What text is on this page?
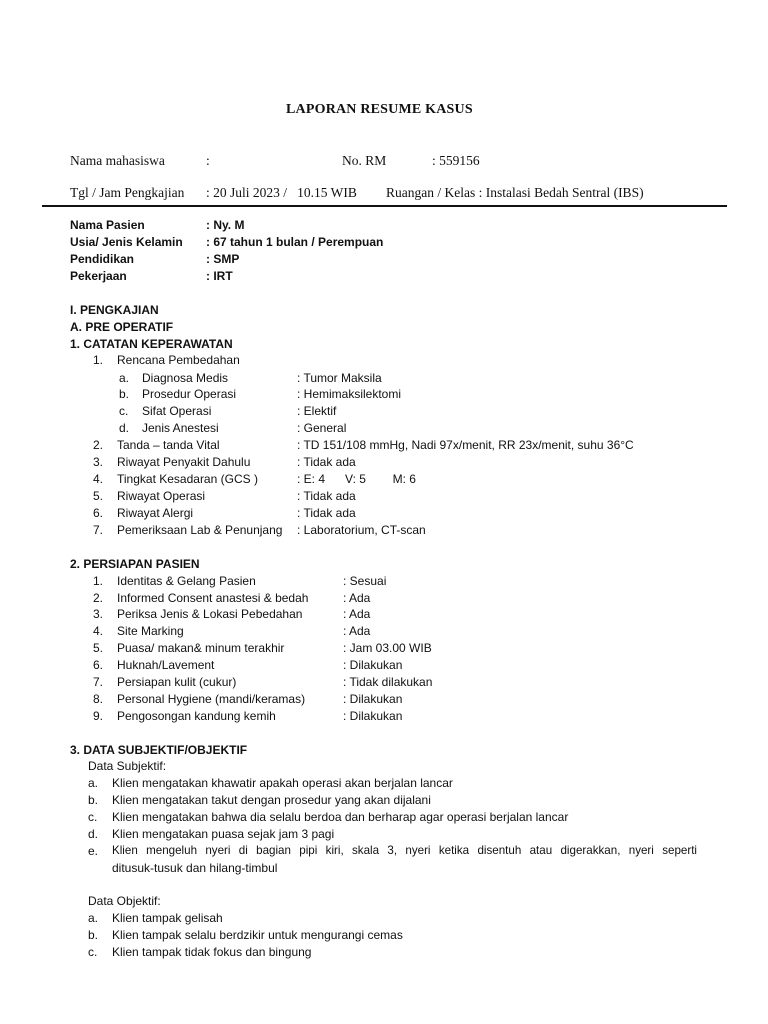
LAPORAN RESUME KASUS
Nama mahasiswa	:	No. RM	: 559156
Tgl / Jam Pengkajian : 20 Juli 2023 /   10.15 WIB Ruangan / Kelas : Instalasi Bedah Sentral (IBS)
Nama Pasien	: Ny. M
Usia/ Jenis Kelamin : 67 tahun 1 bulan / Perempuan
Pendidikan	: SMP
Pekerjaan	: IRT
I. PENGKAJIAN
A. PRE OPERATIF
1. CATATAN KEPERAWATAN
1. Rencana Pembedahan
a. Diagnosa Medis	: Tumor Maksila
b. Prosedur Operasi	: Hemimaksilektomi
c. Sifat Operasi	: Elektif
d. Jenis Anestesi	: General
2. Tanda – tanda Vital	: TD 151/108 mmHg, Nadi 97x/menit, RR 23x/menit, suhu 36°C
3. Riwayat Penyakit Dahulu	: Tidak ada
4. Tingkat Kesadaran (GCS )	: E: 4      V: 5        M: 6
5. Riwayat Operasi	: Tidak ada
6. Riwayat Alergi	: Tidak ada
7. Pemeriksaan Lab & Penunjang : Laboratorium, CT-scan
2. PERSIAPAN PASIEN
1. Identitas & Gelang Pasien	: Sesuai
2. Informed Consent anastesi & bedah	: Ada
3. Periksa Jenis & Lokasi Pebedahan	: Ada
4. Site Marking	: Ada
5. Puasa/ makan& minum terakhir	: Jam 03.00 WIB
6. Huknah/Lavement	: Dilakukan
7. Persiapan kulit (cukur)	: Tidak dilakukan
8. Personal Hygiene (mandi/keramas)	: Dilakukan
9. Pengosongan kandung kemih	: Dilakukan
3. DATA SUBJEKTIF/OBJEKTIF
Data Subjektif:
a. Klien mengatakan khawatir apakah operasi akan berjalan lancar
b. Klien mengatakan takut dengan prosedur yang akan dijalani
c. Klien mengatakan bahwa dia selalu berdoa dan berharap agar operasi berjalan lancar
d. Klien mengatakan puasa sejak jam 3 pagi
e. Klien mengeluh nyeri di bagian pipi kiri, skala 3, nyeri ketika disentuh atau digerakkan, nyeri seperti
ditusuk-tusuk dan hilang-timbul
Data Objektif:
a. Klien tampak gelisah
b. Klien tampak selalu berdzikir untuk mengurangi cemas
c. Klien tampak tidak fokus dan bingung
